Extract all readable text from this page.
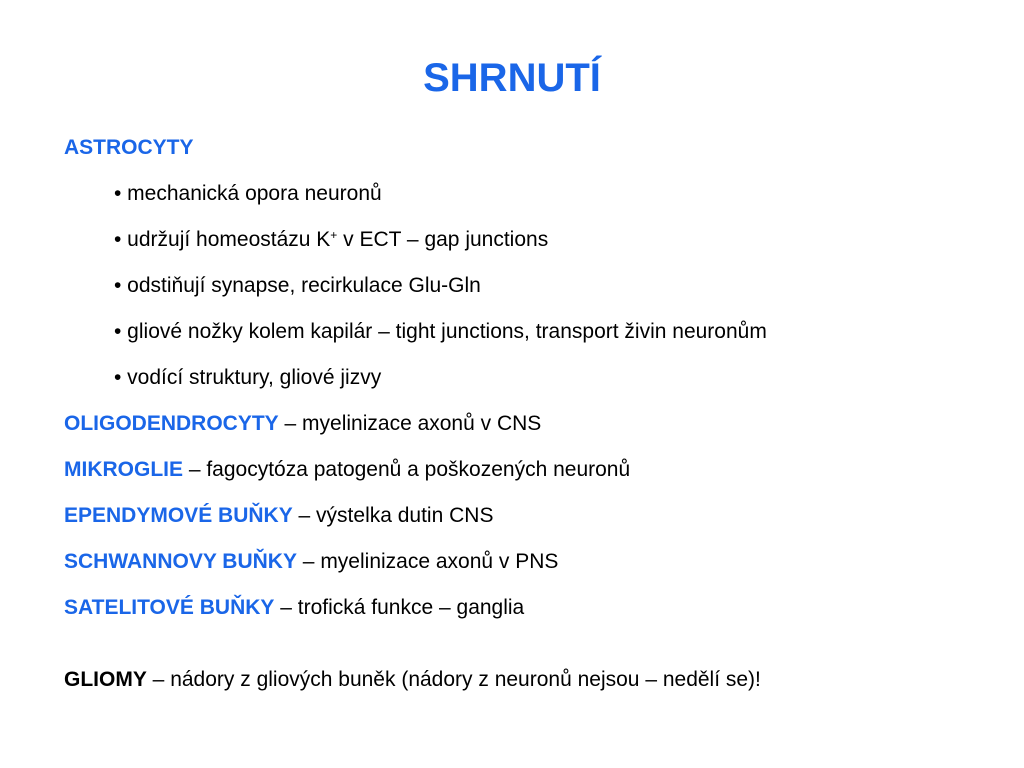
SHRNUTÍ
ASTROCYTY
• mechanická opora neuronů
• udržují homeostázu K+ v ECT – gap junctions
• odstiňují synapse, recirkulace Glu-Gln
• gliové nožky kolem kapilár – tight junctions, transport živin neuronům
• vodící struktury, gliové jizvy
OLIGODENDROCYTY – myelinizace axonů v CNS
MIKROGLIE – fagocytóza patogenů a poškozených neuronů
EPENDYMOVÉ BUŇKY – výstelka dutin CNS
SCHWANNOVY BUŇKY – myelinizace axonů v PNS
SATELITOVÉ BUŇKY – trofická funkce – ganglia
GLIOMY – nádory z gliových buněk (nádory z neuronů nejsou – nedělí se)!
